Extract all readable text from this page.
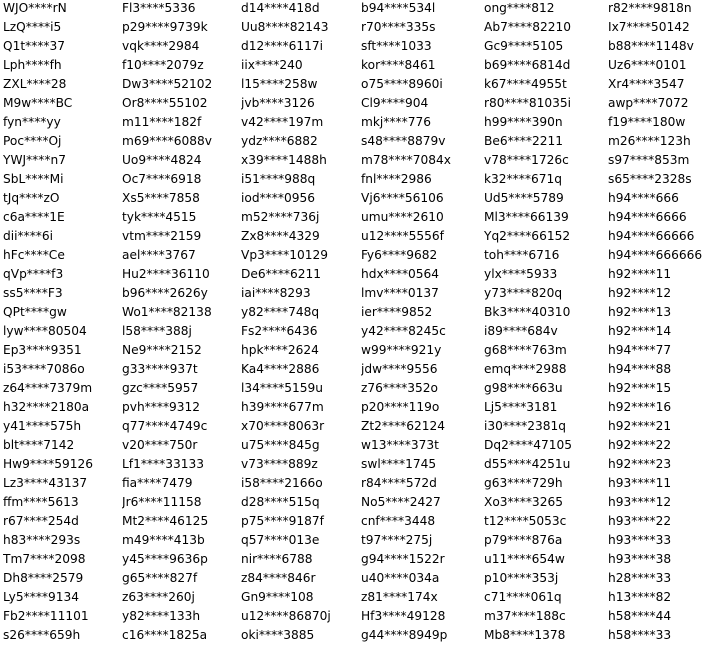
WJO****rN	Fl3****5336	d14****418d	b94****534l	ong****812	r82****9818n
LzQ****i5	p29****9739k	Uu8****82143	r70****335s	Ab7****82210	Ix7****50142
Q1t****37	vqk****2984	d12****6117i	sft****1033	Gc9****5105	b88****1148v
Lph****fh	f10****2079z	iix****240	kor****8461	b69****6814d	Uz6****0101
ZXL****28	Dw3****52102	l15****258w	o75****8960i	k67****4955t	Xr4****3547
M9w****BC	Or8****55102	jvb****3126	Cl9****904	r80****81035i	awp****7072
fyn****yy	m11****182f	v42****197m	mkj****776	h99****390n	f19****180w
Poc****Oj	m69****6088v	ydz****6882	s48****8879v	Be6****2211	m26****123h
YWJ****n7	Uo9****4824	x39****1488h	m78****7084x	v78****1726c	s97****853m
SbL****Mi	Oc7****6918	i51****988q	fnl****2986	k32****671q	s65****2328s
tJq****zO	Xs5****7858	iod****0956	Vj6****56106	Ud5****5789	h94****666
c6a****1E	tyk****4515	m52****736j	umu****2610	Ml3****66139	h94****6666
dii****6i	vtm****2159	Zx8****4329	u12****5556f	Yq2****66152	h94****66666
hFc****Ce	ael****3767	Vp3****10129	Fy6****9682	toh****6716	h94****666666
qVp****f3	Hu2****36110	De6****6211	hdx****0564	ylx****5933	h92****11
ss5****F3	b96****2626y	iai****8293	lmv****0137	y73****820q	h92****12
QPt****gw	Wo1****82138	y82****748q	ier****9852	Bk3****40310	h92****13
lyw****80504	l58****388j	Fs2****6436	y42****8245c	i89****684v	h92****14
Ep3****9351	Ne9****2152	hpk****2624	w99****921y	g68****763m	h94****77
i53****7086o	g33****937t	Ka4****2886	jdw****9556	emq****2988	h94****88
z64****7379m	gzc****5957	l34****5159u	z76****352o	g98****663u	h92****15
h32****2180a	pvh****9312	h39****677m	p20****119o	Lj5****3181	h92****16
y41****575h	q77****4749c	x70****8063r	Zt2****62124	i30****2381q	h92****21
blt****7142	v20****750r	u75****845g	w13****373t	Dq2****47105	h92****22
Hw9****59126	Lf1****33133	v73****889z	swl****1745	d55****4251u	h92****23
Lz3****43137	fia****7479	i58****2166o	r84****572d	g63****729h	h93****11
ffm****5613	Jr6****11158	d28****515q	No5****2427	Xo3****3265	h93****12
r67****254d	Mt2****46125	p75****9187f	cnf****3448	t12****5053c	h93****22
h83****293s	m49****413b	q57****013e	t97****275j	p79****876a	h93****33
Tm7****2098	y45****9636p	nir****6788	g94****1522r	u11****654w	h93****38
Dh8****2579	g65****827f	z84****846r	u40****034a	p10****353j	h28****33
Ly5****9134	z63****260j	Gn9****108	z81****174x	c71****061q	h13****82
Fb2****11101	y82****133h	u12****86870j	Hf3****49128	m37****188c	h58****44
s26****659h	c16****1825a	oki****3885	g44****8949p	Mb8****1378	h58****33
